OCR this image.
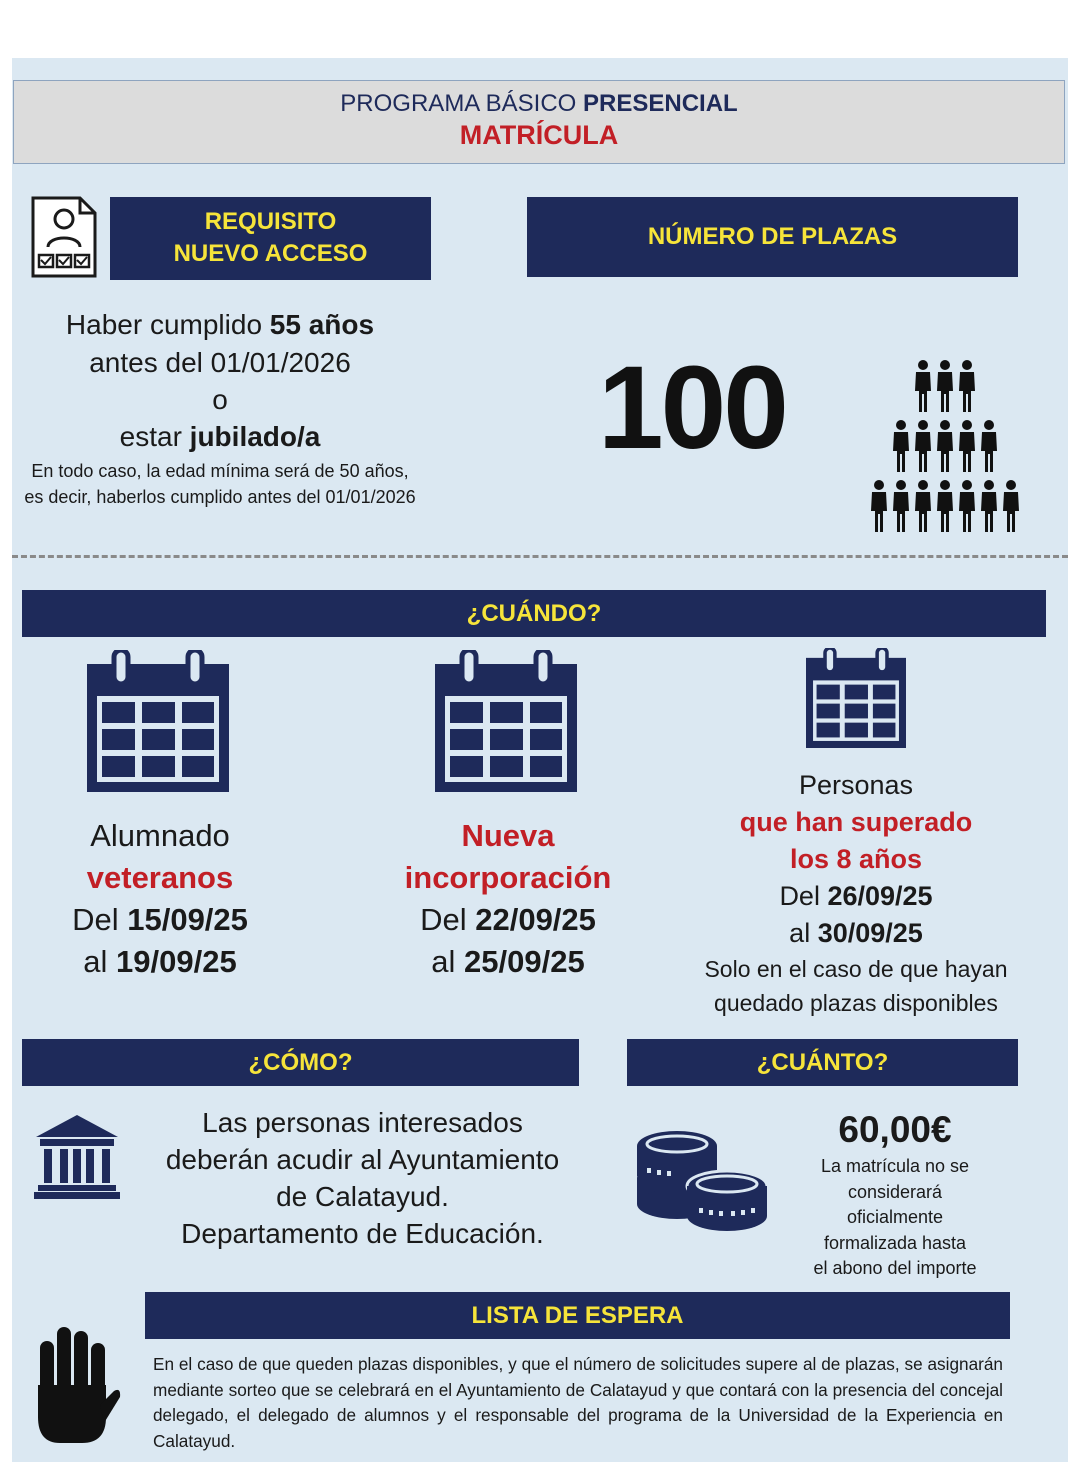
PROGRAMA BÁSICO PRESENCIAL
MATRÍCULA
REQUISITO
NUEVO ACCESO
NÚMERO DE PLAZAS
Haber cumplido 55 años
antes del 01/01/2026
o
estar jubilado/a
En todo caso, la edad mínima será de 50 años, es decir, haberlos cumplido antes del 01/01/2026
100
¿CUÁNDO?
Alumnado
veteranos
Del 15/09/25
al 19/09/25
Nueva
incorporación
Del 22/09/25
al 25/09/25
Personas
que han superado
los 8 años
Del 26/09/25
al 30/09/25
Solo en el caso de que hayan
quedado plazas disponibles
¿CÓMO?	¿CUÁNTO?
Las personas interesados
deberán acudir al Ayuntamiento
de Calatayud.
Departamento de Educación.
60,00€
La matrícula no se
considerará
oficialmente
formalizada hasta
el abono del importe
LISTA DE ESPERA
En el caso de que queden plazas disponibles, y que el número de solicitudes supere al de plazas, se asignarán mediante sorteo que se celebrará en el Ayuntamiento de Calatayud y que contará con la presencia del concejal delegado, el delegado de alumnos y el responsable del programa de la Universidad de la Experiencia en Calatayud.
